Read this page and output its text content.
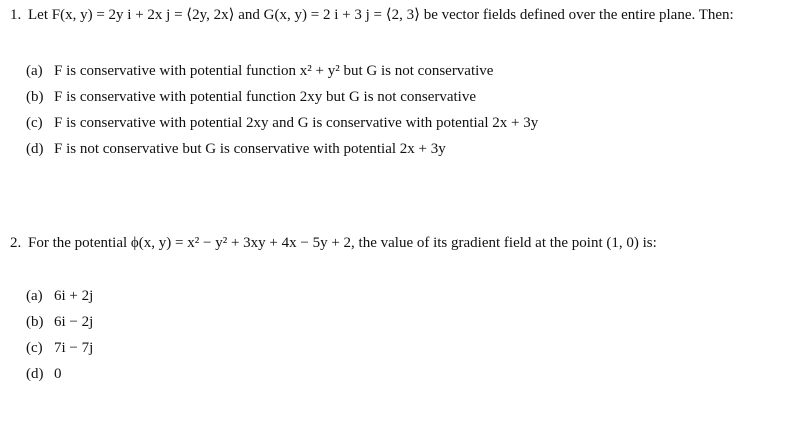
1. Let F(x, y) = 2y i + 2x j = ⟨2y, 2x⟩ and G(x, y) = 2 i + 3 j = ⟨2, 3⟩ be vector fields defined over the entire plane. Then:

(a) F is conservative with potential function x² + y² but G is not conservative
(b) F is conservative with potential function 2xy but G is not conservative
(c) F is conservative with potential 2xy and G is conservative with potential 2x + 3y
(d) F is not conservative but G is conservative with potential 2x + 3y

2. For the potential ϕ(x, y) = x² − y² + 3xy + 4x − 5y + 2, the value of its gradient field at the point (1, 0) is:

(a) 6i + 2j
(b) 6i − 2j
(c) 7i − 7j
(d) 0
